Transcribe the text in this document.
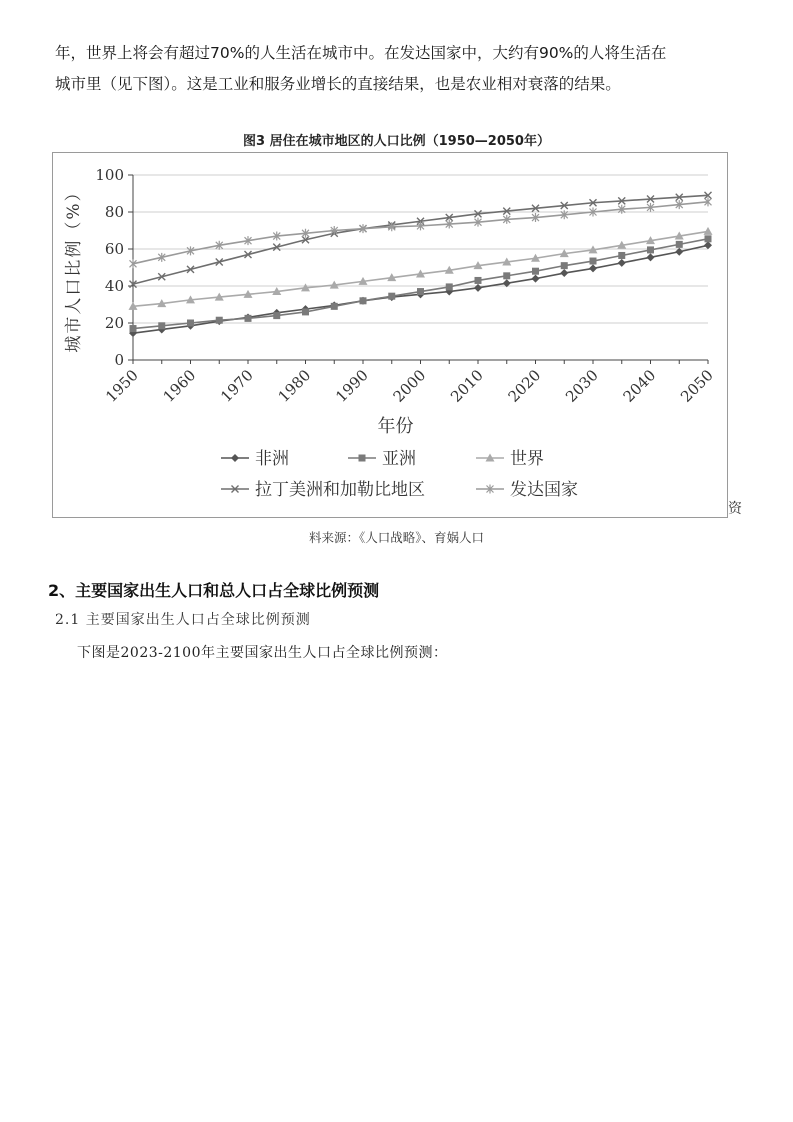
年，世界上将会有超过70%的人生活在城市中。在发达国家中，大约有90%的人将生活在

城市里（见下图）。这是工业和服务业增长的直接结果，也是农业相对衰落的结果。

图3 居住在城市地区的人口比例（1950—2050年）
0
20
40
60
80
100
1950 1960 1970 1980 1990 2000 2010 2020 2030 2040 2050
城市人口比例（%）
年份
非洲	亚洲	世界
拉丁美洲和加勒比地区	发达国家
资
料来源：《人口战略》、育娲人口
2、主要国家出生人口和总人口占全球比例预测
2.1 主要国家出生人口占全球比例预测
下图是2023-2100年主要国家出生人口占全球比例预测：
